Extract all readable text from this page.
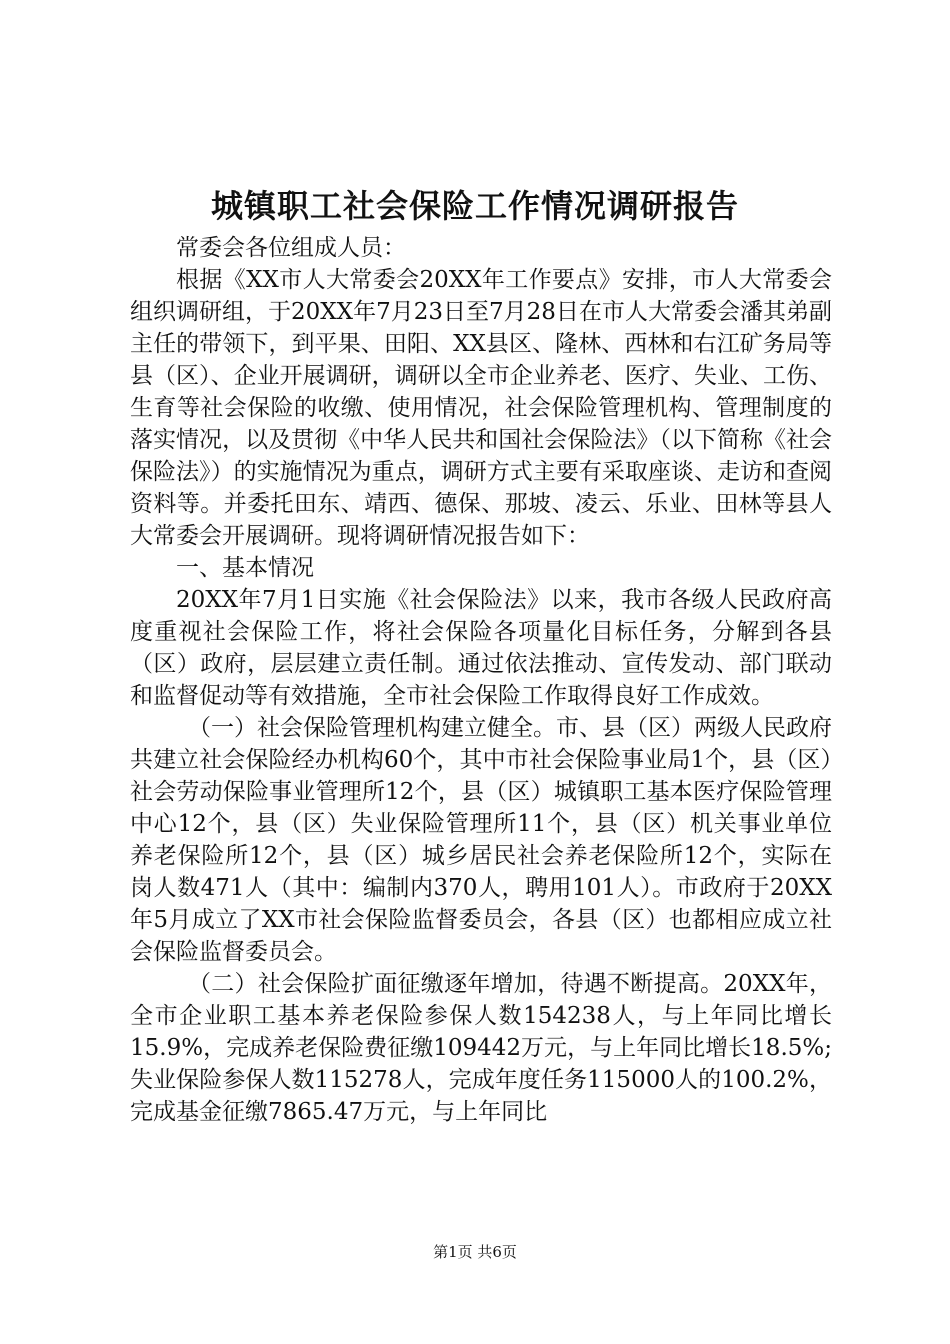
城镇职工社会保险工作情况调研报告

常委会各位组成人员：

根据《XX市人大常委会20XX年工作要点》安排，市人大常委会组织调研组，于20XX年7月23日至7月28日在市人大常委会潘其弟副主任的带领下，到平果、田阳、XX县区、隆林、西林和右江矿务局等县（区）、企业开展调研，调研以全市企业养老、医疗、失业、工伤、生育等社会保险的收缴、使用情况，社会保险管理机构、管理制度的落实情况，以及贯彻《中华人民共和国社会保险法》（以下简称《社会保险法》）的实施情况为重点，调研方式主要有采取座谈、走访和查阅资料等。并委托田东、靖西、德保、那坡、凌云、乐业、田林等县人大常委会开展调研。现将调研情况报告如下：

一、基本情况

20XX年7月1日实施《社会保险法》以来，我市各级人民政府高度重视社会保险工作，将社会保险各项量化目标任务，分解到各县（区）政府，层层建立责任制。通过依法推动、宣传发动、部门联动和监督促动等有效措施，全市社会保险工作取得良好工作成效。

（一）社会保险管理机构建立健全。市、县（区）两级人民政府共建立社会保险经办机构60个，其中市社会保险事业局1个，县（区）社会劳动保险事业管理所12个，县（区）城镇职工基本医疗保险管理中心12个，县（区）失业保险管理所11个，县（区）机关事业单位养老保险所12个，县（区）城乡居民社会养老保险所12个，实际在岗人数471人（其中：编制内370人，聘用101人）。市政府于20XX年5月成立了XX市社会保险监督委员会，各县（区）也都相应成立社会保险监督委员会。

（二）社会保险扩面征缴逐年增加，待遇不断提高。20XX年，全市企业职工基本养老保险参保人数154238人，与上年同比增长15.9%，完成养老保险费征缴109442万元，与上年同比增长18.5%;失业保险参保人数115278人，完成年度任务115000人的100.2%，完成基金征缴7865.47万元，与上年同比

第1页 共6页
